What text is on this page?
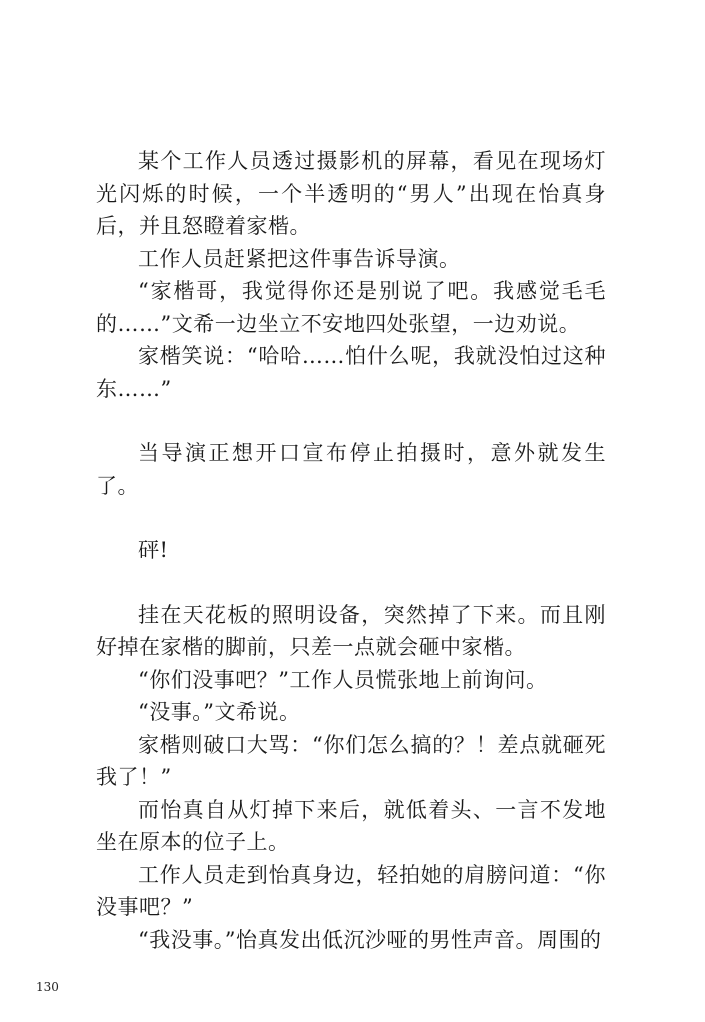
某个工作人员透过摄影机的屏幕，看见在现场灯光闪烁的时候，一个半透明的“男人”出现在怡真身后，并且怒瞪着家楷。

工作人员赶紧把这件事告诉导演。

“家楷哥，我觉得你还是别说了吧。我感觉毛毛的……”文希一边坐立不安地四处张望，一边劝说。

家楷笑说：“哈哈……怕什么呢，我就没怕过这种东……”

当导演正想开口宣布停止拍摄时，意外就发生了。

砰!

挂在天花板的照明设备，突然掉了下来。而且刚好掉在家楷的脚前，只差一点就会砸中家楷。

“你们没事吧？”工作人员慌张地上前询问。

“没事。”文希说。

家楷则破口大骂：“你们怎么搞的？！差点就砸死我了！”

而怡真自从灯掉下来后，就低着头、一言不发地坐在原本的位子上。

工作人员走到怡真身边，轻拍她的肩膀问道：“你没事吧？”

“我没事。”怡真发出低沉沙哑的男性声音。周围的

130
